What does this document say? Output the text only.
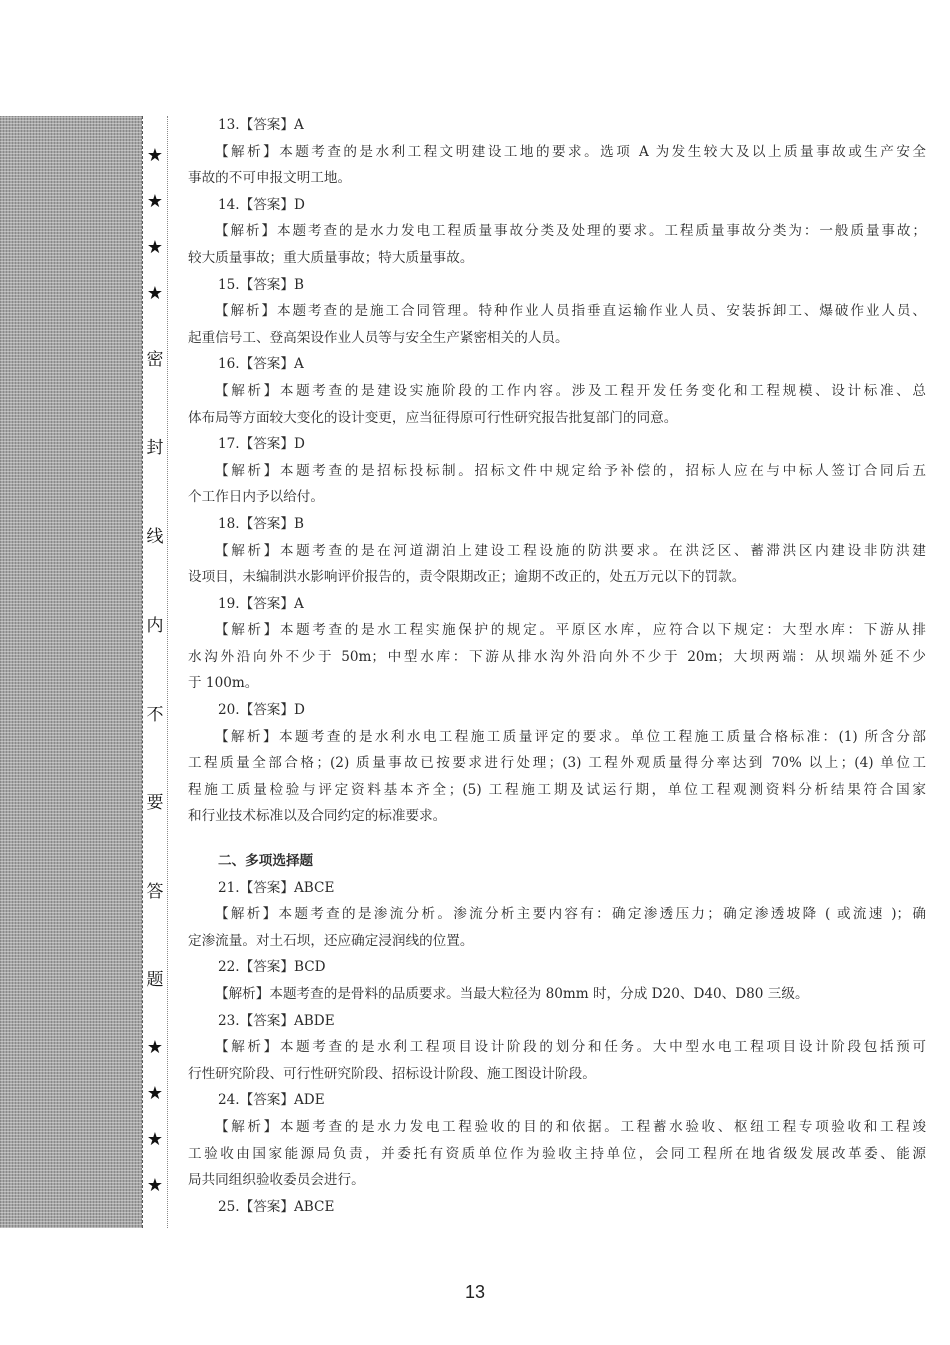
★
★
★
★
密
封
线
内
不
要
答
题
★
★
★
★
13.【答案】A
【解析】本题考查的是水利工程文明建设工地的要求。选项 A 为发生较大及以上质量事故或生产安全
事故的不可申报文明工地。
14.【答案】D
【解析】本题考查的是水力发电工程质量事故分类及处理的要求。工程质量事故分类为：一般质量事故；
较大质量事故；重大质量事故；特大质量事故。
15.【答案】B
【解析】本题考查的是施工合同管理。特种作业人员指垂直运输作业人员、安装拆卸工、爆破作业人员、
起重信号工、登高架设作业人员等与安全生产紧密相关的人员。
16.【答案】A
【解析】本题考查的是建设实施阶段的工作内容。涉及工程开发任务变化和工程规模、设计标准、总
体布局等方面较大变化的设计变更，应当征得原可行性研究报告批复部门的同意。
17.【答案】D
【解析】本题考查的是招标投标制。招标文件中规定给予补偿的，招标人应在与中标人签订合同后五
个工作日内予以给付。
18.【答案】B
【解析】本题考查的是在河道湖泊上建设工程设施的防洪要求。在洪泛区、蓄滞洪区内建设非防洪建
设项目，未编制洪水影响评价报告的，责令限期改正；逾期不改正的，处五万元以下的罚款。
19.【答案】A
【解析】本题考查的是水工程实施保护的规定。平原区水库，应符合以下规定：大型水库：下游从排
水沟外沿向外不少于 50m；中型水库：下游从排水沟外沿向外不少于 20m；大坝两端：从坝端外延不少
于 100m。
20.【答案】D
【解析】本题考查的是水利水电工程施工质量评定的要求。单位工程施工质量合格标准：(1) 所含分部
工程质量全部合格；(2) 质量事故已按要求进行处理；(3) 工程外观质量得分率达到 70% 以上；(4) 单位工
程施工质量检验与评定资料基本齐全；(5) 工程施工期及试运行期，单位工程观测资料分析结果符合国家
和行业技术标准以及合同约定的标准要求。
二、多项选择题
21.【答案】ABCE
【解析】本题考查的是渗流分析。渗流分析主要内容有：确定渗透压力；确定渗透坡降 ( 或流速 )；确
定渗流量。对土石坝，还应确定浸润线的位置。
22.【答案】BCD
【解析】本题考查的是骨料的品质要求。当最大粒径为 80mm 时，分成 D20、D40、D80 三级。
23.【答案】ABDE
【解析】本题考查的是水利工程项目设计阶段的划分和任务。大中型水电工程项目设计阶段包括预可
行性研究阶段、可行性研究阶段、招标设计阶段、施工图设计阶段。
24.【答案】ADE
【解析】本题考查的是水力发电工程验收的目的和依据。工程蓄水验收、枢纽工程专项验收和工程竣
工验收由国家能源局负责，并委托有资质单位作为验收主持单位，会同工程所在地省级发展改革委、能源
局共同组织验收委员会进行。
25.【答案】ABCE
13
